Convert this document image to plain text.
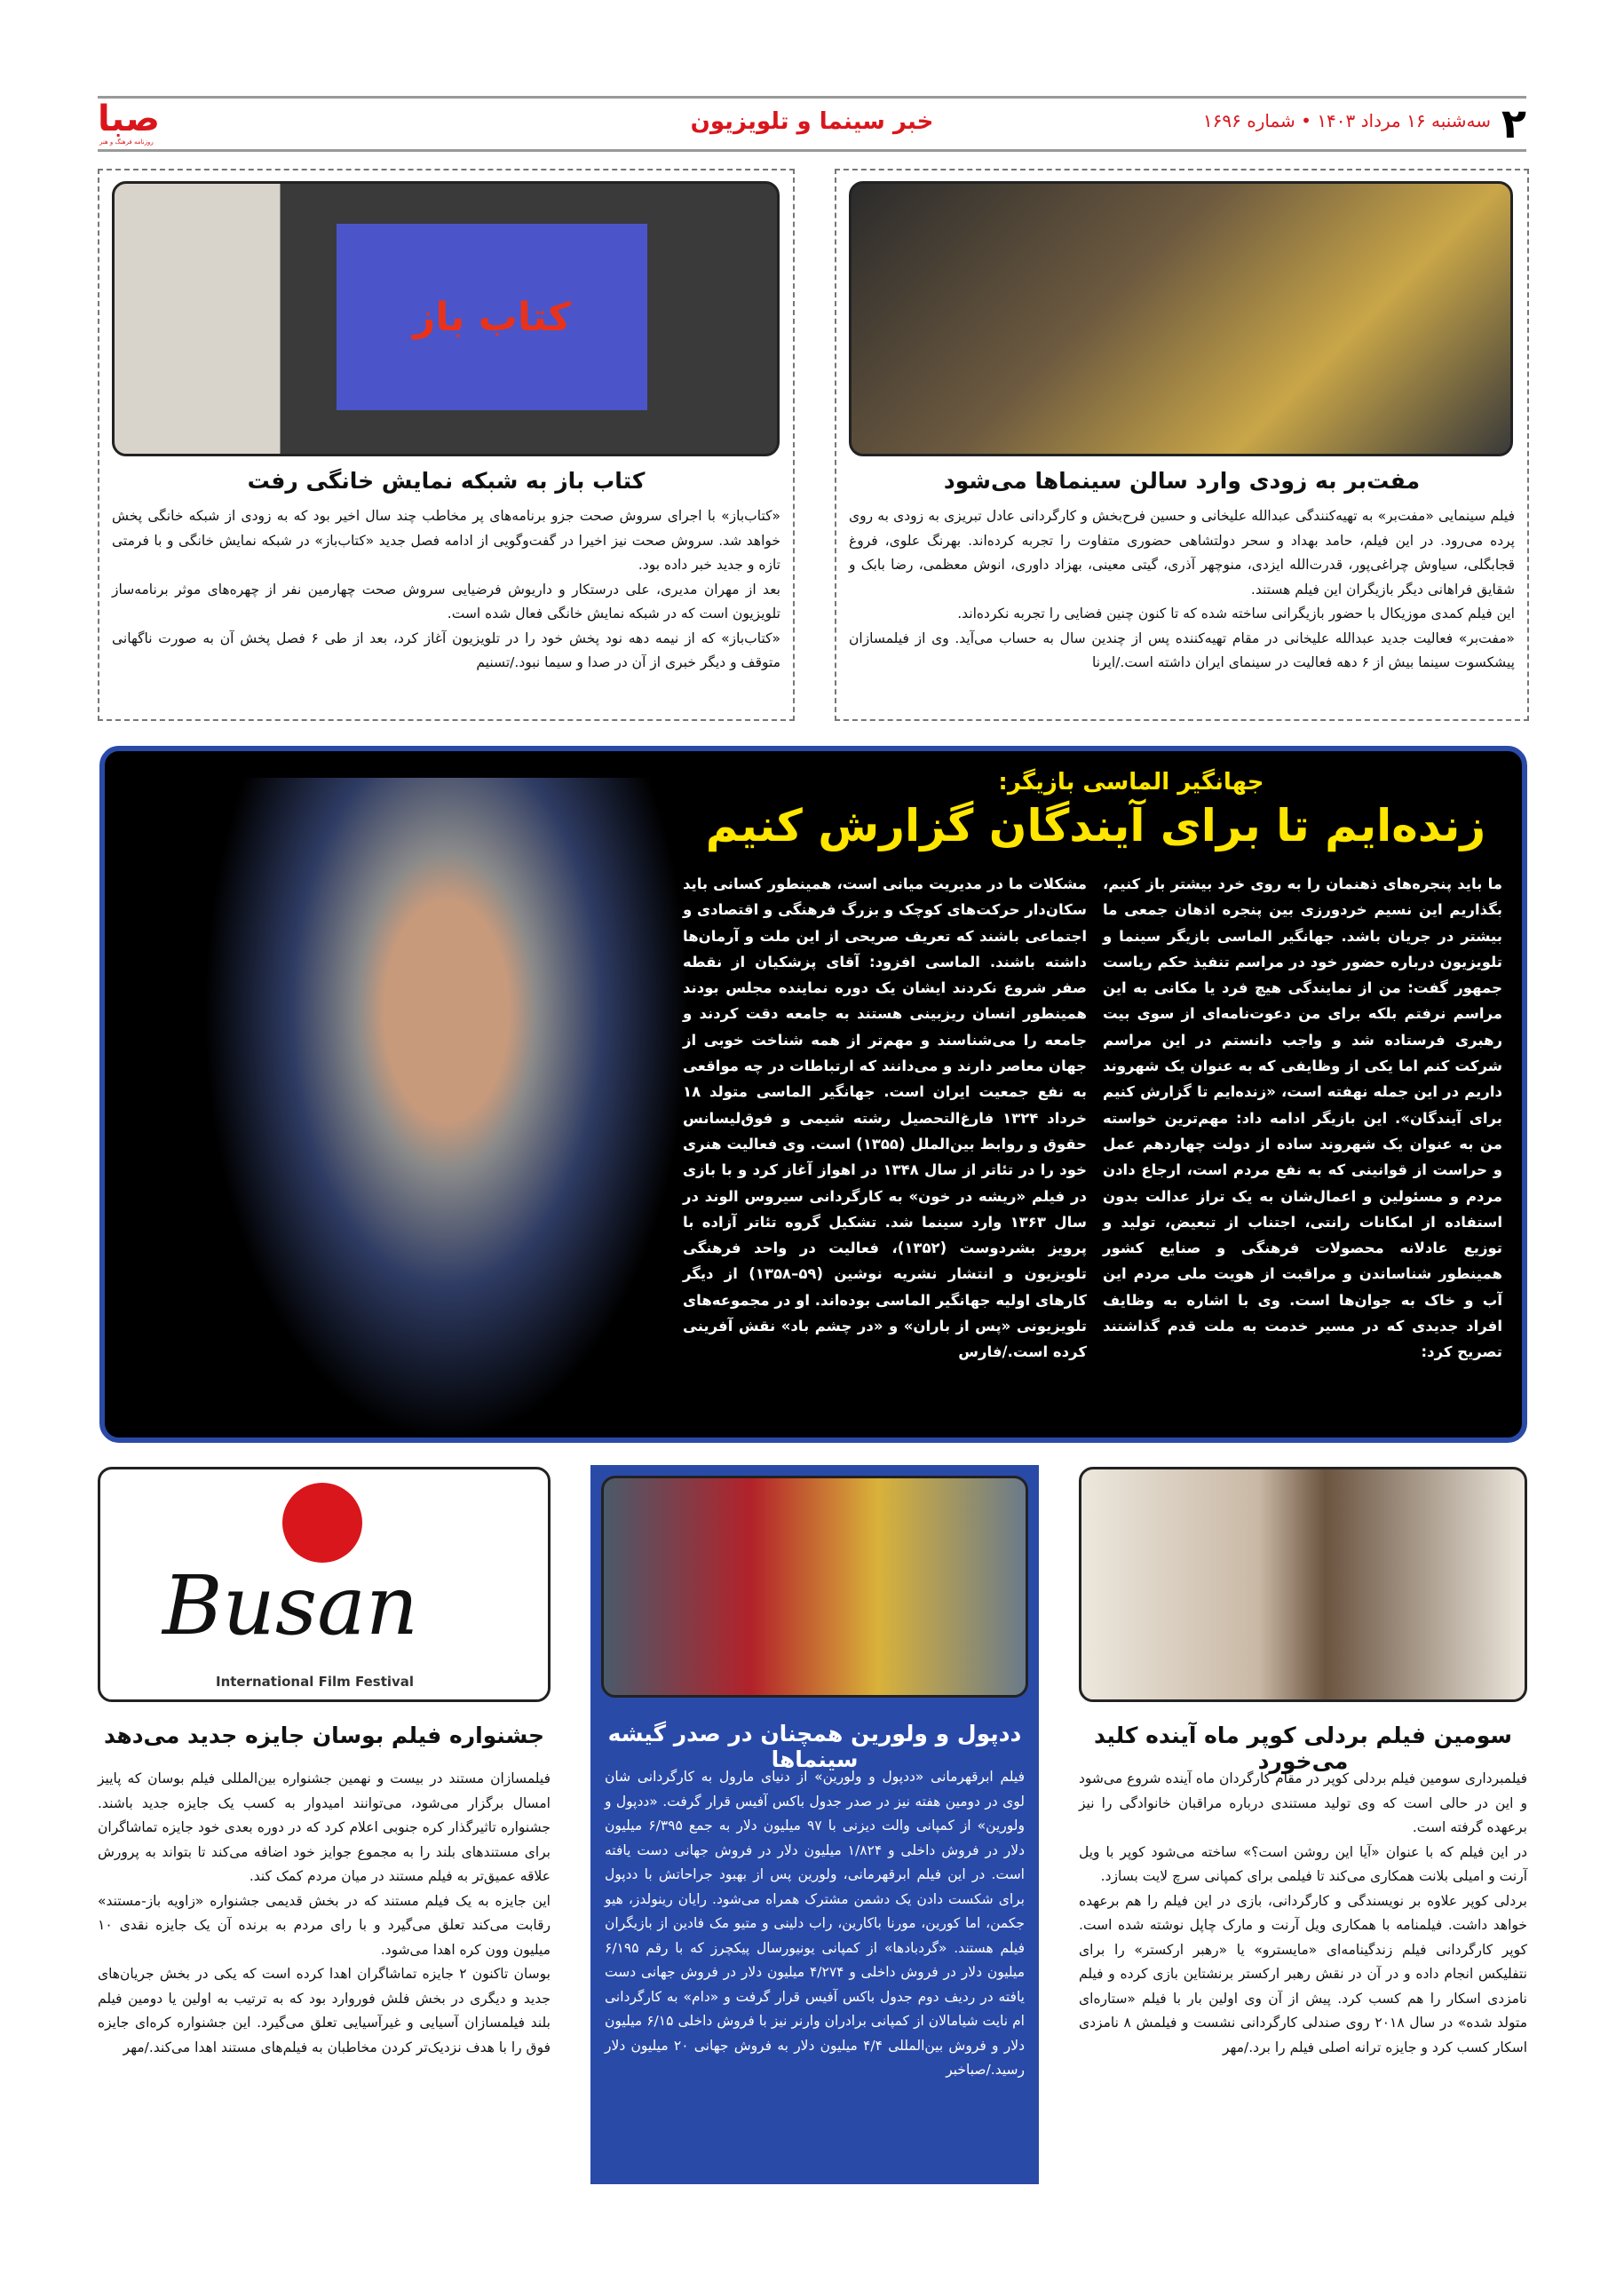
۲
سه‌شنبه ۱۶ مرداد ۱۴۰۳ • شماره ۱۶۹۶
خبر سینما و تلویزیون
صبا
روزنامه فرهنگ و هنر
مفت‌بر به زودی وارد سالن سینماها می‌شود

فیلم سینمایی «مفت‌بر» به تهیه‌کنندگی عبدالله علیخانی و حسین فرح‌بخش و کارگردانی عادل تبریزی به زودی به روی پرده می‌رود. در این فیلم، حامد بهداد و سحر دولتشاهی حضوری متفاوت را تجربه کرده‌اند. بهرنگ علوی، فروغ قجابگلی، سیاوش چراغی‌پور، قدرت‌الله ایزدی، منوچهر آذری، گیتی معینی، بهزاد داوری، انوش معظمی، رضا بابک و شقایق فراهانی دیگر بازیگران این فیلم هستند.

این فیلم کمدی موزیکال با حضور بازیگرانی ساخته شده که تا کنون چنین فضایی را تجربه نکرده‌اند.

«مفت‌بر» فعالیت جدید عبدالله علیخانی در مقام تهیه‌کننده پس از چندین سال به حساب می‌آید. وی از فیلمسازان پیشکسوت سینما بیش از ۶ دهه فعالیت در سینمای ایران داشته است./ایرنا

کتاب باز
کتاب باز به شبکه نمایش خانگی رفت

«کتاب‌باز» با اجرای سروش صحت جزو برنامه‌های پر مخاطب چند سال اخیر بود که به زودی از شبکه خانگی پخش خواهد شد. سروش صحت نیز اخیرا در گفت‌وگویی از ادامه فصل جدید «کتاب‌باز» در شبکه نمایش خانگی و با فرمتی تازه و جدید خبر داده بود.

بعد از مهران مدیری، علی درستکار و داریوش فرضیایی سروش صحت چهارمین نفر از چهره‌های موثر برنامه‌ساز تلویزیون است که در شبکه نمایش خانگی فعال شده است.

«کتاب‌باز» که از نیمه دهه نود پخش خود را در تلویزیون آغاز کرد، بعد از طی ۶ فصل پخش آن به صورت ناگهانی متوقف و دیگر خبری از آن در صدا و سیما نبود./تسنیم

جهانگیر الماسی بازیگر:
زنده‌ایم تا برای آیندگان گزارش کنیم
ما باید پنجره‌های ذهنمان را به روی خرد بیشتر باز کنیم، بگذاریم این نسیم خردورزی بین پنجره اذهان جمعی ما بیشتر در جریان باشد. جهانگیر الماسی بازیگر سینما و تلویزیون درباره حضور خود در مراسم تنفیذ حکم ریاست جمهور گفت: من از نمایندگی هیچ فرد یا مکانی به این مراسم نرفتم بلکه برای من دعوت‌نامه‌ای از سوی بیت رهبری فرستاده شد و واجب دانستم در این مراسم شرکت کنم اما یکی از وظایفی که به عنوان یک شهروند داریم در این جمله نهفته است، «زنده‌ایم تا گزارش کنیم برای آیندگان». این بازیگر ادامه داد: مهم‌ترین خواسته من به عنوان یک شهروند ساده از دولت چهاردهم عمل و حراست از قوانینی که به نفع مردم است، ارجاع دادن مردم و مسئولین و اعمال‌شان به یک تراز عدالت بدون استفاده از امکانات رانتی، اجتناب از تبعیض، تولید و توزیع عادلانه محصولات فرهنگی و صنایع کشور همینطور شناساندن و مراقبت از هویت ملی مردم این آب و خاک به جوان‌ها است. وی با اشاره به وظایف افراد جدیدی که در مسیر خدمت به ملت قدم گذاشتند تصریح کرد:
مشکلات ما در مدیریت میانی است، همینطور کسانی باید سکان‌دار حرکت‌های کوچک و بزرگ فرهنگی و اقتصادی و اجتماعی باشند که تعریف صریحی از این ملت و آرمان‌ها داشته باشند. الماسی افزود: آقای پزشکیان از نقطه صفر شروع نکردند ایشان یک دوره نماینده مجلس بودند همینطور انسان ریزبینی هستند به جامعه دقت کردند و جامعه را می‌شناسند و مهم‌تر از همه شناخت خوبی از جهان معاصر دارند و می‌دانند که ارتباطات در چه مواقعی به نفع جمعیت ایران است. جهانگیر الماسی متولد ۱۸ خرداد ۱۳۲۴ فارغ‌التحصیل رشته شیمی و فوق‌لیسانس حقوق و روابط بین‌الملل (۱۳۵۵) است. وی فعالیت هنری خود را در تئاتر از سال ۱۳۴۸ در اهواز آغاز کرد و با بازی در فیلم «ریشه در خون» به کارگردانی سیروس الوند در سال ۱۳۶۳ وارد سینما شد. تشکیل گروه تئاتر آزاده با پرویز بشردوست (۱۳۵۲)، فعالیت در واحد فرهنگی تلویزیون و انتشار نشریه نوشین (۵۹–۱۳۵۸) از دیگر کارهای اولیه جهانگیر الماسی بوده‌اند. او در مجموعه‌های تلویزیونی «پس از باران» و «در چشم باد» نقش آفرینی کرده است./فارس
سومین فیلم بردلی کوپر ماه آینده کلید می‌خورد

فیلمبرداری سومین فیلم بردلی کوپر در مقام کارگردان ماه آینده شروع می‌شود و این در حالی است که وی تولید مستندی درباره مراقبان خانوادگی را نیز برعهده گرفته است.

در این فیلم که با عنوان «آیا این روشن است؟» ساخته می‌شود کوپر با ویل آرنت و امیلی بلانت همکاری می‌کند تا فیلمی برای کمپانی سرچ لایت بسازد.

بردلی کوپر علاوه بر نویسندگی و کارگردانی، بازی در این فیلم را هم برعهده خواهد داشت. فیلمنامه با همکاری ویل آرنت و مارک چاپل نوشته شده است. کوپر کارگردانی فیلم زندگینامه‌ای «مایسترو» یا «رهبر ارکستر» را برای نتفلیکس انجام داده و در آن در نقش رهبر ارکستر برنشتاین بازی کرده و فیلم نامزدی اسکار را هم کسب کرد. پیش از آن وی اولین بار با فیلم «ستاره‌ای متولد شده» در سال ۲۰۱۸ روی صندلی کارگردانی نشست و فیلمش ۸ نامزدی اسکار کسب کرد و جایزه ترانه اصلی فیلم را برد./مهر

ددپول و ولورین همچنان در صدر گیشه سینماها

فیلم ابرقهرمانی «ددپول و ولورین» از دنیای مارول به کارگردانی شان لوی در دومین هفته نیز در صدر جدول باکس آفیس قرار گرفت. «ددپول و ولورین» از کمپانی والت دیزنی با ۹۷ میلیون دلار به جمع ۶/۳۹۵ میلیون دلار در فروش داخلی و ۱/۸۲۴ میلیون دلار در فروش جهانی دست یافته است. در این فیلم ابرقهرمانی، ولورین پس از بهبود جراحاتش با ددپول برای شکست دادن یک دشمن مشترک همراه می‌شود. رایان رینولدز، هیو جکمن، اما کورین، مورنا باکارین، راب دلینی و متیو مک فادین از بازیگران فیلم هستند. «گردبادها» از کمپانی یونیورسال پیکچرز که با رقم ۶/۱۹۵ میلیون دلار در فروش داخلی و ۴/۲۷۴ میلیون دلار در فروش جهانی دست یافته در ردیف دوم جدول باکس آفیس قرار گرفت و «دام» به کارگردانی ام نایت شیامالان از کمپانی برادران وارنر نیز با فروش داخلی ۶/۱۵ میلیون دلار و فروش بین‌المللی ۴/۴ میلیون دلار به فروش جهانی ۲۰ میلیون دلار رسید./صباخبر

Busan
International Film Festival
جشنواره فیلم بوسان جایزه جدید می‌دهد

فیلمسازان مستند در بیست و نهمین جشنواره بین‌المللی فیلم بوسان که پاییز امسال برگزار می‌شود، می‌توانند امیدوار به کسب یک جایزه جدید باشند. جشنواره تاثیرگذار کره جنوبی اعلام کرد که در دوره بعدی خود جایزه تماشاگران برای مستندهای بلند را به مجموع جوایز خود اضافه می‌کند تا بتواند به پرورش علاقه عمیق‌تر به فیلم مستند در میان مردم کمک کند.

این جایزه به یک فیلم مستند که در بخش قدیمی جشنواره «زاویه باز-مستند» رقابت می‌کند تعلق می‌گیرد و با رای مردم به برنده آن یک جایزه نقدی ۱۰ میلیون وون کره اهدا می‌شود.

بوسان تاکنون ۲ جایزه تماشاگران اهدا کرده است که یکی در بخش جریان‌های جدید و دیگری در بخش فلش فوروارد بود که به ترتیب به اولین یا دومین فیلم بلند فیلمسازان آسیایی و غیرآسیایی تعلق می‌گیرد. این جشنواره کره‌ای جایزه فوق را با هدف نزدیک‌تر کردن مخاطبان به فیلم‌های مستند اهدا می‌کند./مهر
